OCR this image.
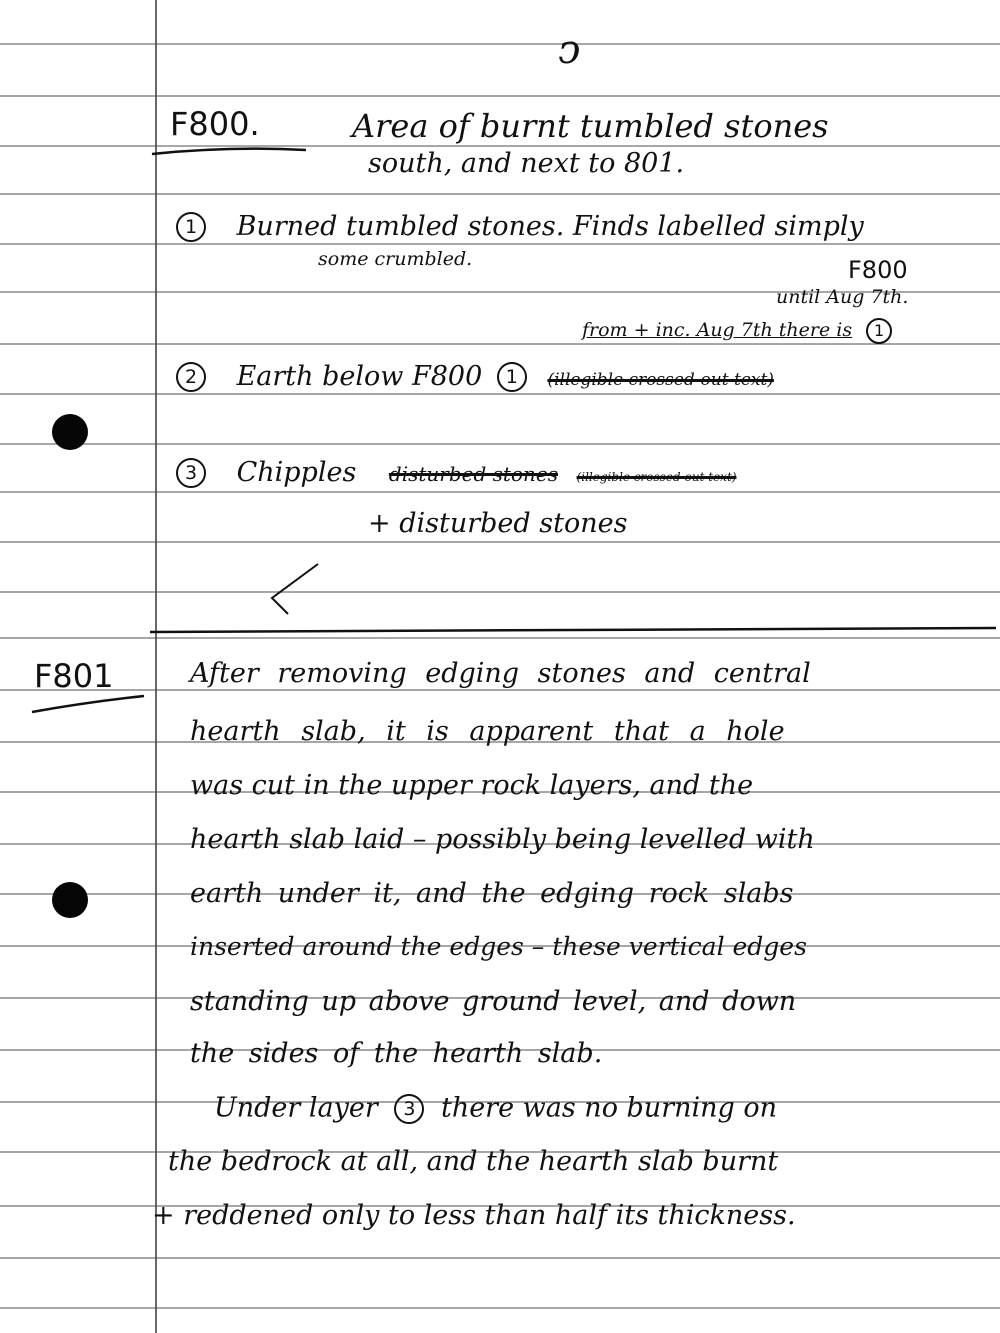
ↄ
F800.	Area of burnt tumbled stones
south, and next to 801.
1 Burned tumbled stones. Finds labelled simply
some crumbled.	F800
until Aug 7th.
from + inc. Aug 7th there is 1
2 Earth below F800 1 (illegible crossed-out text)
3 Chipples disturbed stones (illegible crossed-out text)
+ disturbed stones
F801	After removing edging stones and central
hearth slab, it is apparent that a hole
was cut in the upper rock layers, and the
hearth slab laid – possibly being levelled with
earth under it, and the edging rock slabs
inserted around the edges – these vertical edges
standing up above ground level, and down
the sides of the hearth slab.
Under layer 3 there was no burning on
the bedrock at all, and the hearth slab burnt
+ reddened only to less than half its thickness.
